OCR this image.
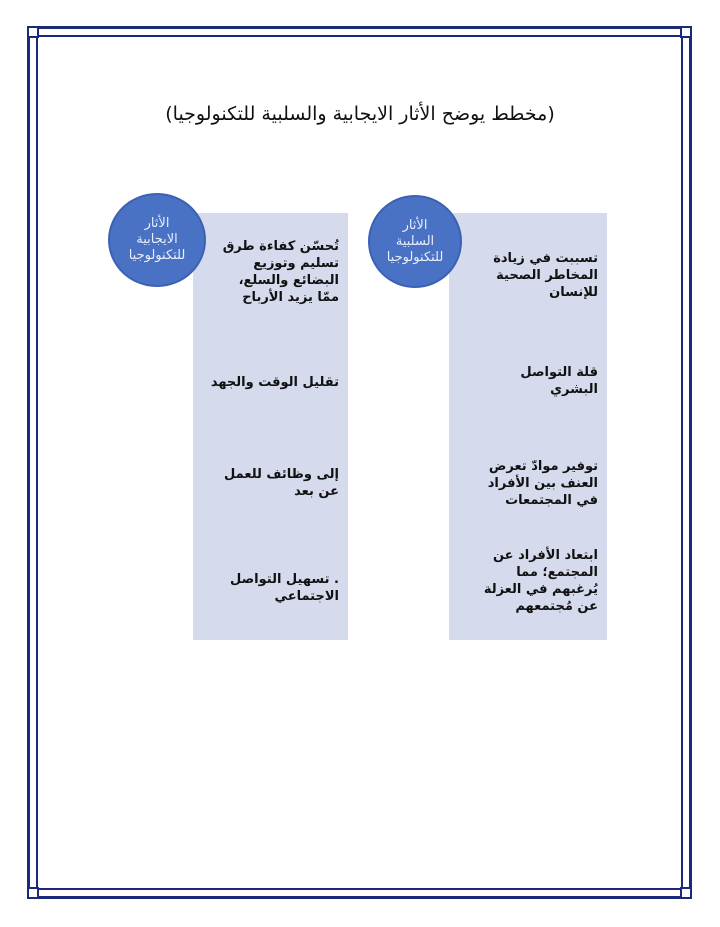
(مخطط يوضح الأثار الايجابية والسلبية للتكنولوجيا)
الأثار
الايجابية
للتكنولوجيا
تُحسّن كفاءة طرق
تسليم وتوزيع
البضائع والسلع،
ممّا يزيد الأرباح
تقليل الوقت والجهد
إلى وظائف للعمل
عن بعد
. تسهيل التواصل
الاجتماعي
الأثار
السلبية
للتكنولوجيا	تسببت في زيادة
المخاطر الصحية
للإنسان
قلة التواصل
البشري
توفير موادّ تعرض
العنف بين الأفراد
في المجتمعات
ابتعاد الأفراد عن
المجتمع؛ مما
يُرغبهم في العزلة
عن مُجتمعهم
